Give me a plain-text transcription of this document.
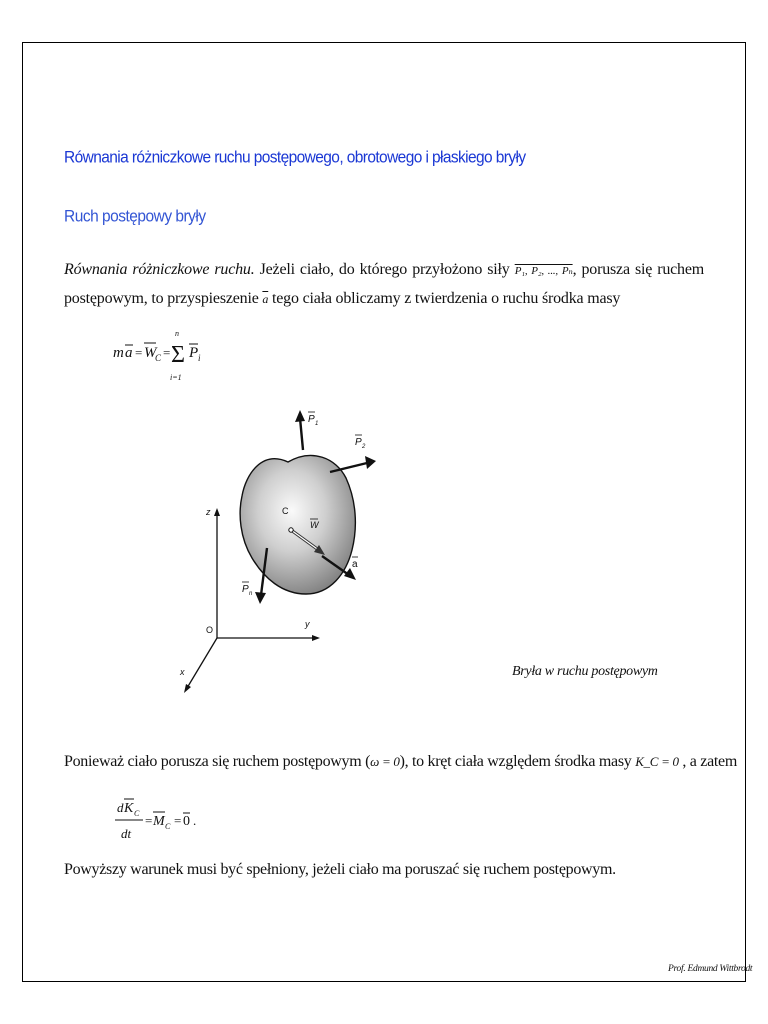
Równania różniczkowe ruchu postępowego, obrotowego i płaskiego bryły
Ruch postępowy bryły
Równania różniczkowe ruchu. Jeżeli ciało, do którego przyłożono siły P₁, P₂, ..., Pₙ, porusza się ruchem postępowym, to przyspieszenie $\overline{a}$ tego ciała obliczamy z twierdzenia o ruchu środka masy
m a = W
C = Σ
n
i=1
P i
P 1
P 2
P n
C
W
a
z
y
x
O
Bryła w ruchu postępowym
Ponieważ ciało porusza się ruchem postępowym (ω = 0), to kręt ciała względem środka masy K_C = 0 , a zatem
d K C
dt
= M C = 0 .
Powyższy warunek musi być spełniony, jeżeli ciało ma poruszać się ruchem postępowym.
Prof. Edmund Wittbrodt
